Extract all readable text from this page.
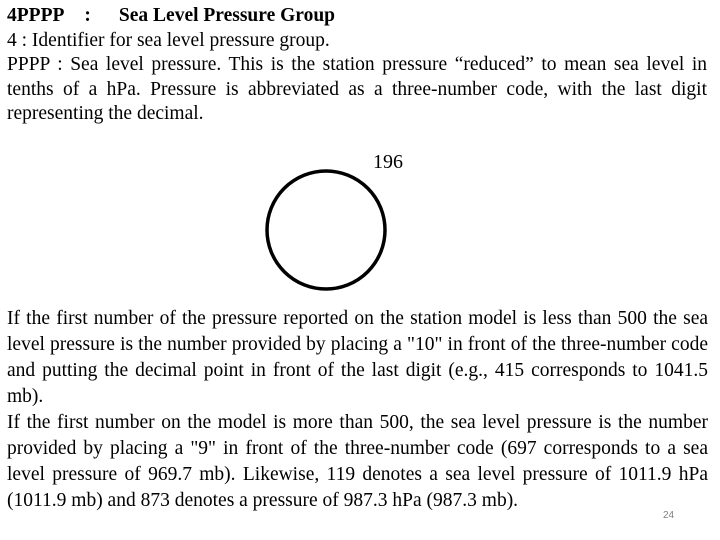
4PPPP : Sea Level Pressure Group
4 : Identifier for sea level pressure group.
PPPP : Sea level pressure. This is the station pressure “reduced” to mean sea level in tenths of a hPa. Pressure is abbreviated as a three-number code, with the last digit representing the decimal.
196

If the first number of the pressure reported on the station model is less than 500 the sea level pressure is the number provided by placing a "10" in front of the three-number code and putting the decimal point in front of the last digit (e.g., 415 corresponds to 1041.5 mb).

If the first number on the model is more than 500, the sea level pressure is the number provided by placing a "9" in front of the three-number code (697 corresponds to a sea level pressure of 969.7 mb). Likewise, 119 denotes a sea level pressure of 1011.9 hPa (1011.9 mb) and 873 denotes a pressure of 987.3 hPa (987.3 mb).

24
